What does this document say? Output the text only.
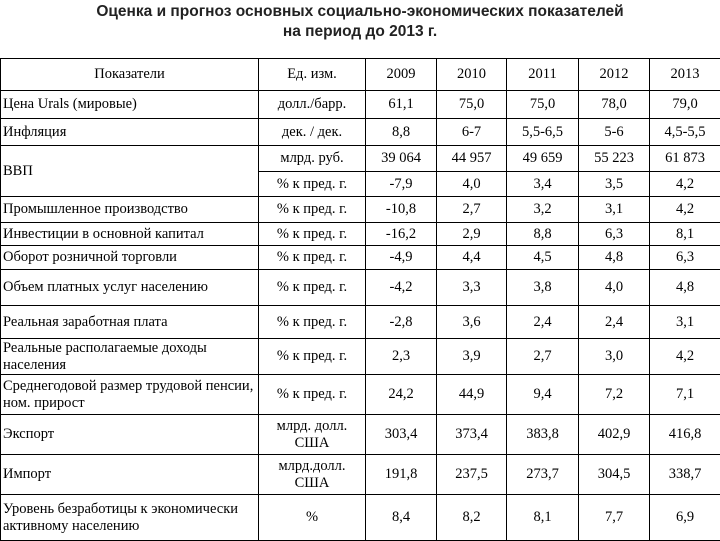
Оценка и прогноз основных социально-экономических показателей
на период до 2013 г.
Показатели	Ед. изм.	2009	2010	2011	2012	2013
Цена Urals (мировые)	долл./барр.	61,1	75,0	75,0	78,0	79,0
Инфляция	дек. / дек.	8,8	6-7	5,5-6,5	5-6	4,5-5,5
ВВП	млрд. руб.	39 064	44 957	49 659	55 223	61 873
	% к пред. г.	-7,9	4,0	3,4	3,5	4,2
Промышленное производство	% к пред. г.	-10,8	2,7	3,2	3,1	4,2
Инвестиции в основной капитал	% к пред. г.	-16,2	2,9	8,8	6,3	8,1
Оборот розничной торговли	% к пред. г.	-4,9	4,4	4,5	4,8	6,3
Объем платных услуг населению	% к пред. г.	-4,2	3,3	3,8	4,0	4,8
Реальная заработная плата	% к пред. г.	-2,8	3,6	2,4	2,4	3,1
Реальные располагаемые доходы населения	% к пред. г.	2,3	3,9	2,7	3,0	4,2
Среднегодовой размер трудовой пенсии, ном. прирост	% к пред. г.	24,2	44,9	9,4	7,2	7,1
Экспорт	млрд. долл. США	303,4	373,4	383,8	402,9	416,8
Импорт	млрд.долл. США	191,8	237,5	273,7	304,5	338,7
Уровень безработицы к экономически активному населению	%	8,4	8,2	8,1	7,7	6,9
